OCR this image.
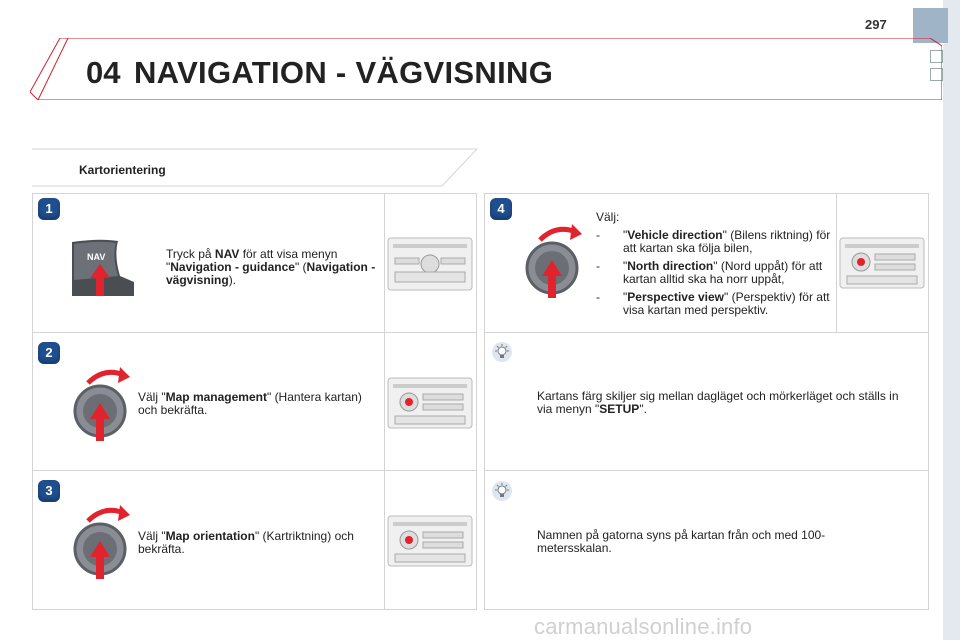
297
04 NAVIGATION - VÄGVISNING
Kartorientering
1
NAV	Tryck på NAV för att visa menyn "Navigation - guidance" (Navigation - vägvisning).
2
Välj "Map management" (Hantera kartan) och bekräfta.
3
Välj "Map orientation" (Kartriktning) och bekräfta.
4
Välj:
- "Vehicle direction" (Bilens riktning) för att kartan ska följa bilen,
- "North direction" (Nord uppåt) för att kartan alltid ska ha norr uppåt,
- "Perspective view" (Perspektiv) för att visa kartan med perspektiv.
Kartans färg skiljer sig mellan dagläget och mörkerläget och ställs in via menyn "SETUP".
Namnen på gatorna syns på kartan från och med 100-metersskalan.
carmanualsonline.info
